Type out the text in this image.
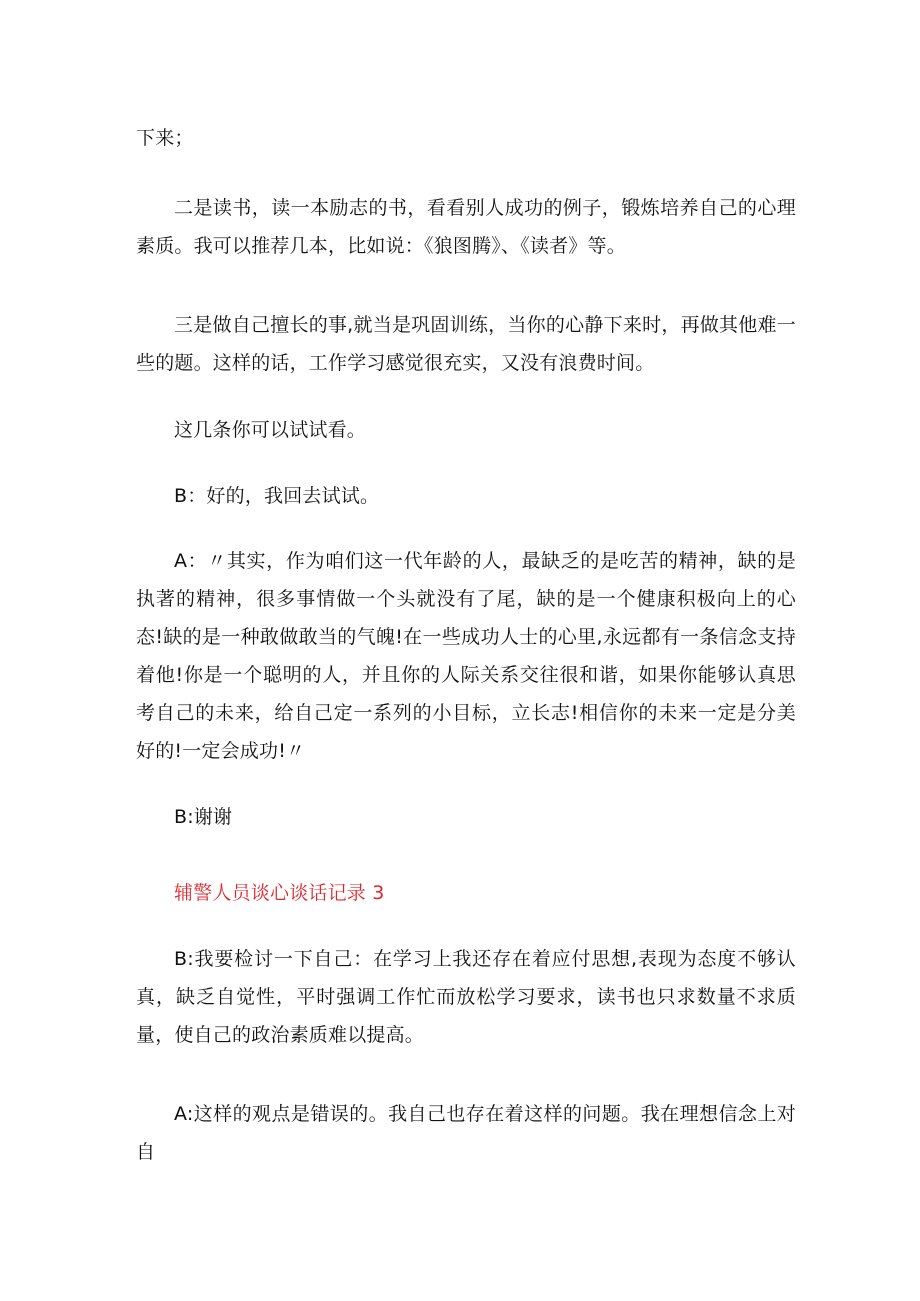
下来；

二是读书，读一本励志的书，看看别人成功的例子，锻炼培养自己的心理素质。我可以推荐几本，比如说：《狼图腾》、《读者》等。

三是做自己擅长的事,就当是巩固训练，当你的心静下来时，再做其他难一些的题。这样的话，工作学习感觉很充实，又没有浪费时间。

这几条你可以试试看。

B：好的，我回去试试。

A：〃其实，作为咱们这一代年龄的人，最缺乏的是吃苦的精神，缺的是执著的精神，很多事情做一个头就没有了尾，缺的是一个健康积极向上的心态!缺的是一种敢做敢当的气魄!在一些成功人士的心里,永远都有一条信念支持着他!你是一个聪明的人，并且你的人际关系交往很和谐，如果你能够认真思考自己的未来，给自己定一系列的小目标，立长志!相信你的未来一定是分美好的!一定会成功!〃

B:谢谢

辅警人员谈心谈话记录 3

B:我要检讨一下自己：在学习上我还存在着应付思想,表现为态度不够认真，缺乏自觉性，平时强调工作忙而放松学习要求，读书也只求数量不求质量，使自己的政治素质难以提高。

A:这样的观点是错误的。我自己也存在着这样的问题。我在理想信念上对自
